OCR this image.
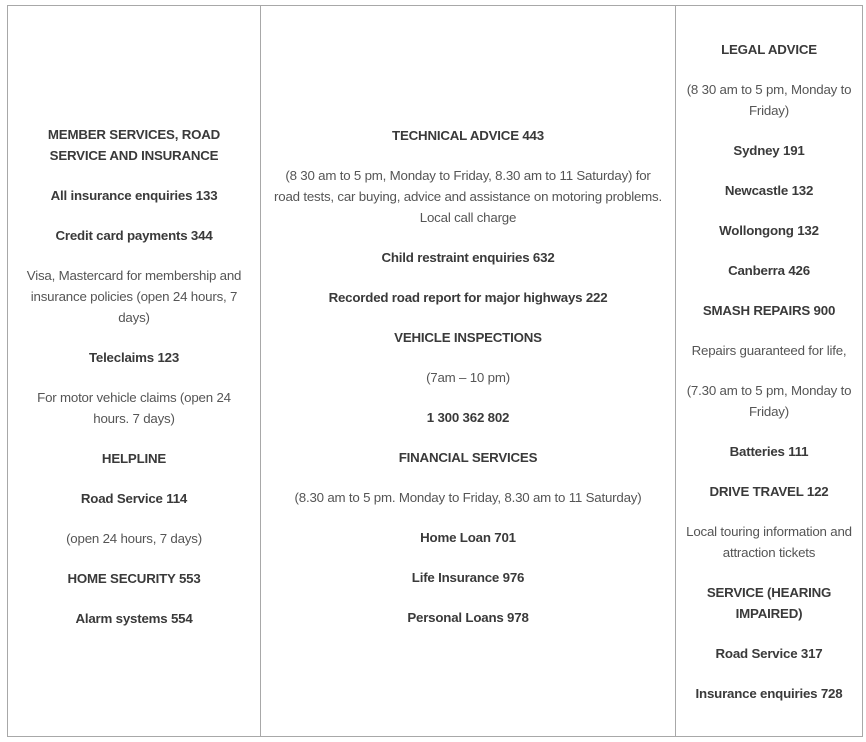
MEMBER SERVICES, ROAD SERVICE AND INSURANCE

All insurance enquiries 133

Credit card payments 344

Visa, Mastercard for membership and insurance policies (open 24 hours, 7 days)

Teleclaims 123

For motor vehicle claims (open 24 hours. 7 days)

HELPLINE

Road Service 114

(open 24 hours, 7 days)

HOME SECURITY 553

Alarm systems 554

TECHNICAL ADVICE 443

(8 30 am to 5 pm, Monday to Friday, 8.30 am to 11 Saturday) for road tests, car buying, advice and assistance on motoring problems. Local call charge

Child restraint enquiries 632

Recorded road report for major highways 222

VEHICLE INSPECTIONS

(7am – 10 pm)

1 300 362 802

FINANCIAL SERVICES

(8.30 am to 5 pm. Monday to Friday, 8.30 am to 11 Saturday)

Home Loan 701

Life Insurance 976

Personal Loans 978

LEGAL ADVICE

(8 30 am to 5 pm, Monday to Friday)

Sydney 191

Newcastle 132

Wollongong 132

Canberra 426

SMASH REPAIRS 900

Repairs guaranteed for life,

(7.30 am to 5 pm, Monday to Friday)

Batteries 111

DRIVE TRAVEL 122

Local touring information and attraction tickets

SERVICE (HEARING IMPAIRED)

Road Service 317

Insurance enquiries 728
